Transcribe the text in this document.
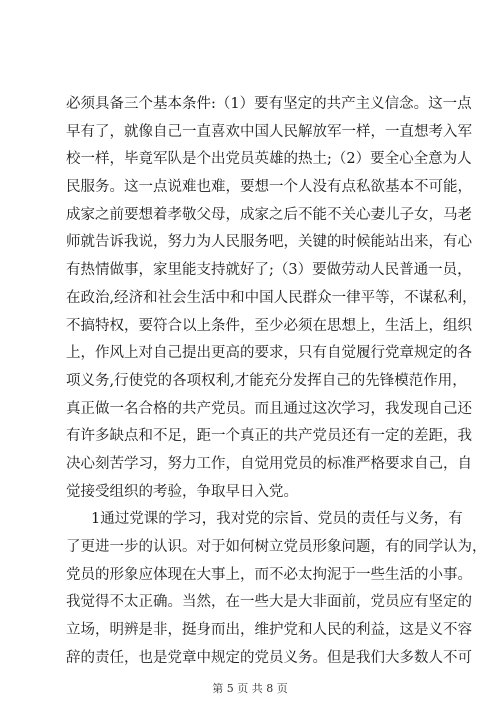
必须具备三个基本条件:（1）要有坚定的共产主义信念。这一点
早有了，就像自己一直喜欢中国人民解放军一样，一直想考入军
校一样，毕竟军队是个出党员英雄的热土;（2）要全心全意为人
民服务。这一点说难也难，要想一个人没有点私欲基本不可能，
成家之前要想着孝敬父母，成家之后不能不关心妻儿子女，马老
师就告诉我说，努力为人民服务吧，关键的时候能站出来，有心
有热情做事，家里能支持就好了;（3）要做劳动人民普通一员，
在政治,经济和社会生活中和中国人民群众一律平等，不谋私利，
不搞特权，要符合以上条件，至少必须在思想上，生活上，组织
上，作风上对自己提出更高的要求，只有自觉履行党章规定的各
项义务,行使党的各项权利,才能充分发挥自己的先锋模范作用，
真正做一名合格的共产党员。而且通过这次学习，我发现自己还
有许多缺点和不足，距一个真正的共产党员还有一定的差距，我
决心刻苦学习，努力工作，自觉用党员的标准严格要求自己，自
觉接受组织的考验，争取早日入党。
1通过党课的学习，我对党的宗旨、党员的责任与义务，有
了更进一步的认识。对于如何树立党员形象问题，有的同学认为，
党员的形象应体现在大事上，而不必太拘泥于一些生活的小事。
我觉得不太正确。当然，在一些大是大非面前，党员应有坚定的
立场，明辨是非，挺身而出，维护党和人民的利益，这是义不容
辞的责任，也是党章中规定的党员义务。但是我们大多数人不可
第 5 页 共 8 页
